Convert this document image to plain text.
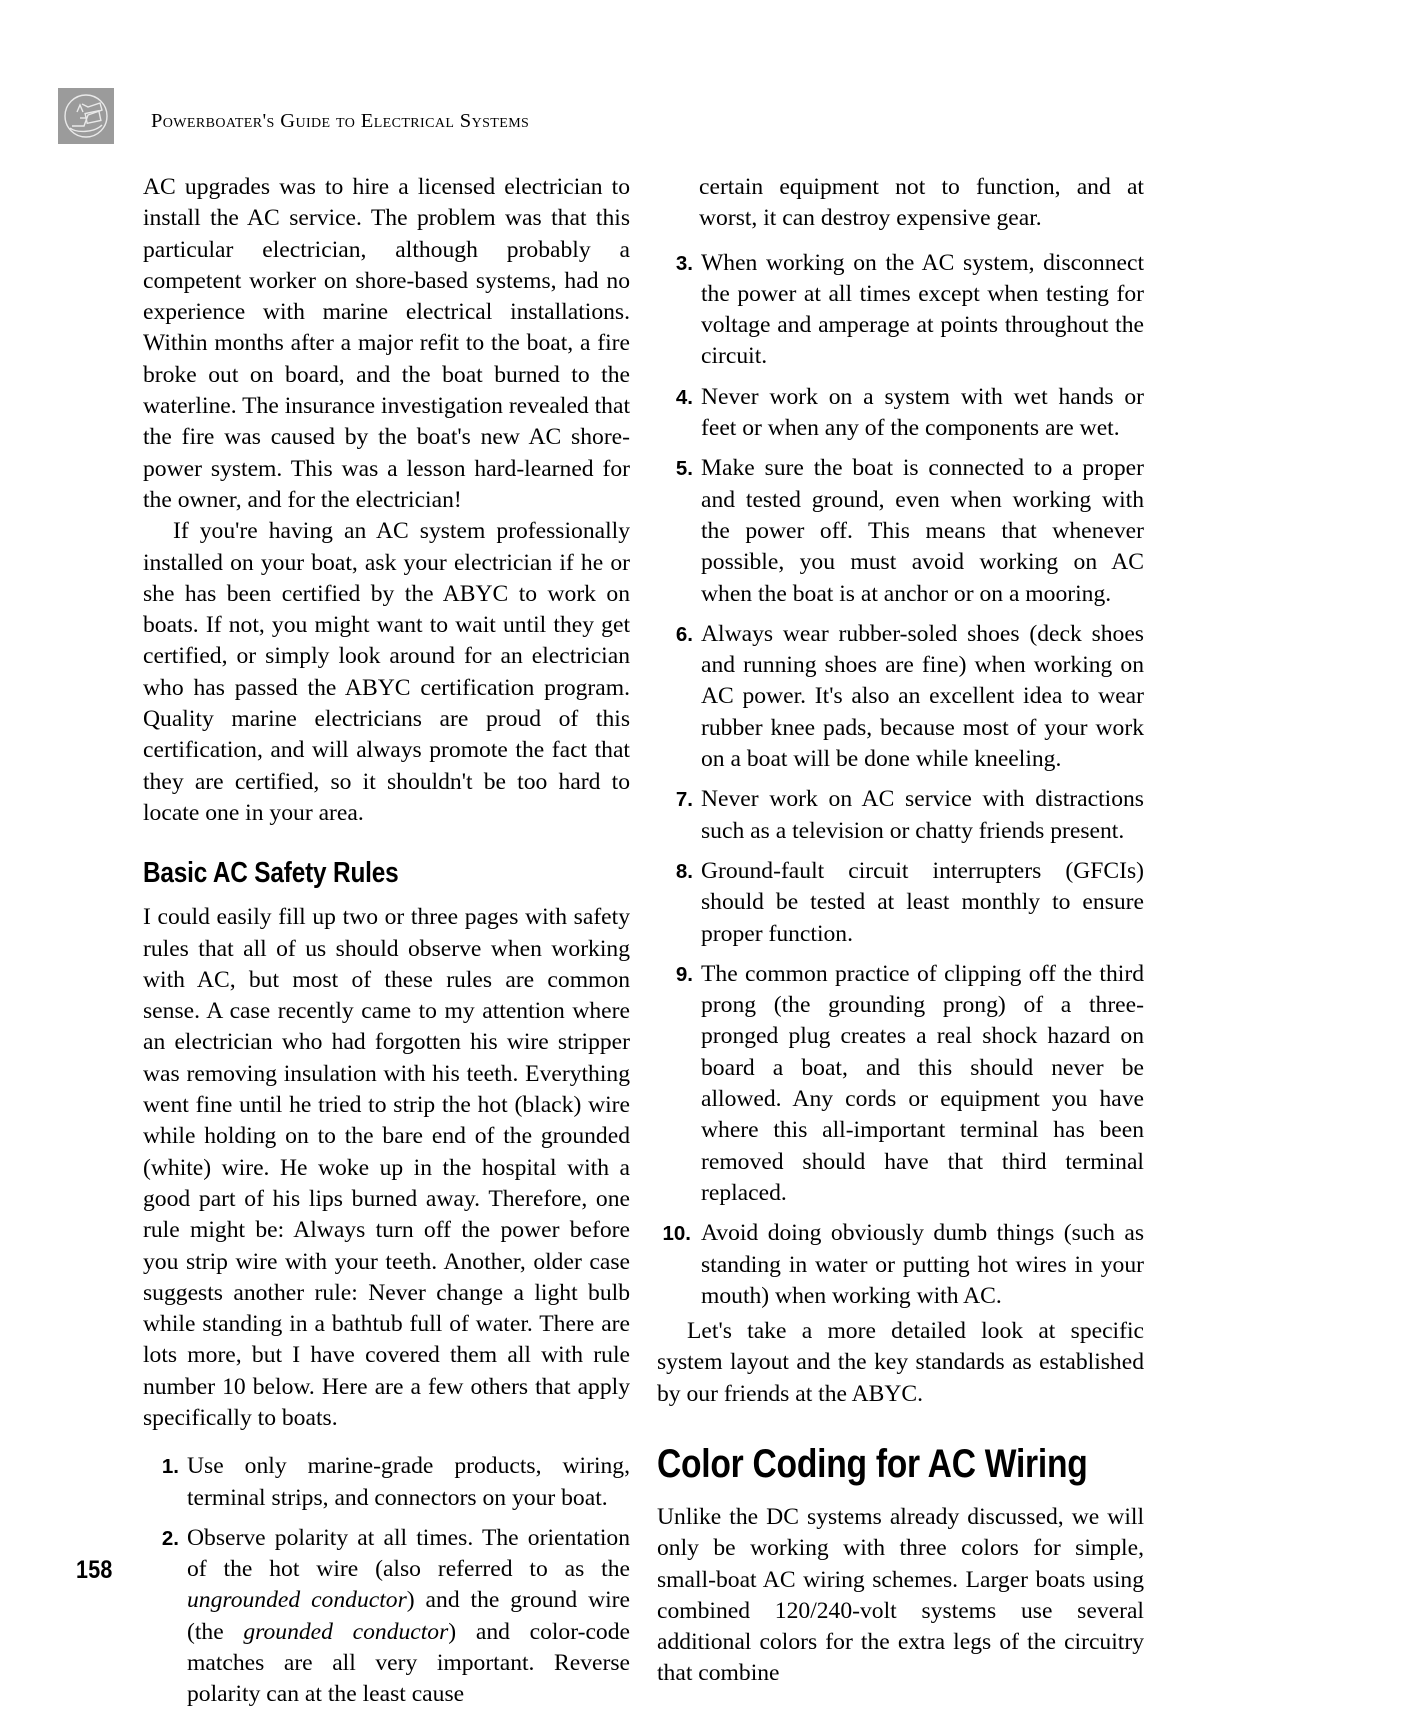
Powerboater's Guide to Electrical Systems

AC upgrades was to hire a licensed electrician to install the AC service. The problem was that this particular electrician, although probably a competent worker on shore-based systems, had no experience with marine electrical installations. Within months after a major refit to the boat, a fire broke out on board, and the boat burned to the waterline. The insurance investigation revealed that the fire was caused by the boat's new AC shore-power system. This was a lesson hard-learned for the owner, and for the electrician!

If you're having an AC system professionally installed on your boat, ask your electrician if he or she has been certified by the ABYC to work on boats. If not, you might want to wait until they get certified, or simply look around for an electrician who has passed the ABYC certification program. Quality marine electricians are proud of this certification, and will always promote the fact that they are certified, so it shouldn't be too hard to locate one in your area.

Basic AC Safety Rules

I could easily fill up two or three pages with safety rules that all of us should observe when working with AC, but most of these rules are common sense. A case recently came to my attention where an electrician who had forgotten his wire stripper was removing insulation with his teeth. Everything went fine until he tried to strip the hot (black) wire while holding on to the bare end of the grounded (white) wire. He woke up in the hospital with a good part of his lips burned away. Therefore, one rule might be: Always turn off the power before you strip wire with your teeth. Another, older case suggests another rule: Never change a light bulb while standing in a bathtub full of water. There are lots more, but I have covered them all with rule number 10 below. Here are a few others that apply specifically to boats.

1. Use only marine-grade products, wiring, terminal strips, and connectors on your boat.
2. Observe polarity at all times. The orientation of the hot wire (also referred to as the ungrounded conductor) and the ground wire (the grounded conductor) and color-code matches are all very important. Reverse polarity can at the least cause

certain equipment not to function, and at worst, it can destroy expensive gear.

3. When working on the AC system, disconnect the power at all times except when testing for voltage and amperage at points throughout the circuit.
4. Never work on a system with wet hands or feet or when any of the components are wet.
5. Make sure the boat is connected to a proper and tested ground, even when working with the power off. This means that whenever possible, you must avoid working on AC when the boat is at anchor or on a mooring.
6. Always wear rubber-soled shoes (deck shoes and running shoes are fine) when working on AC power. It's also an excellent idea to wear rubber knee pads, because most of your work on a boat will be done while kneeling.
7. Never work on AC service with distractions such as a television or chatty friends present.
8. Ground-fault circuit interrupters (GFCIs) should be tested at least monthly to ensure proper function.
9. The common practice of clipping off the third prong (the grounding prong) of a three-pronged plug creates a real shock hazard on board a boat, and this should never be allowed. Any cords or equipment you have where this all-important terminal has been removed should have that third terminal replaced.
10. Avoid doing obviously dumb things (such as standing in water or putting hot wires in your mouth) when working with AC.

Let's take a more detailed look at specific system layout and the key standards as established by our friends at the ABYC.

Color Coding for AC Wiring

Unlike the DC systems already discussed, we will only be working with three colors for simple, small-boat AC wiring schemes. Larger boats using combined 120/240-volt systems use several additional colors for the extra legs of the circuitry that combine

158
